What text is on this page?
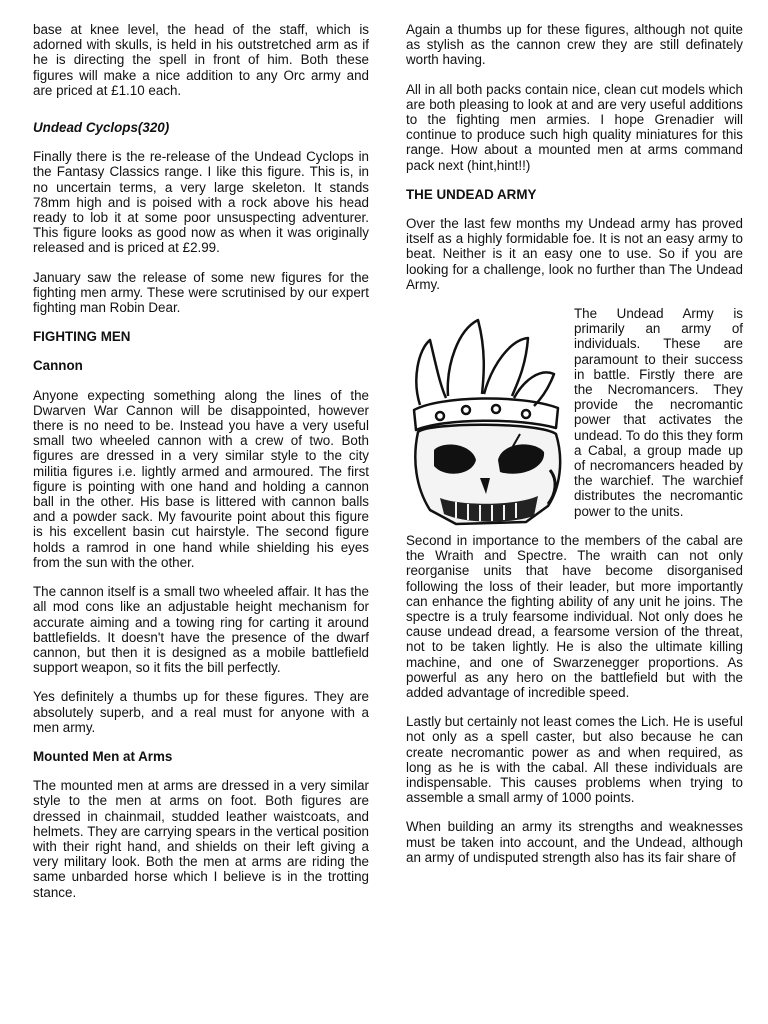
base at knee level, the head of the staff, which is adorned with skulls, is held in his outstretched arm as if he is directing the spell in front of him. Both these figures will make a nice addition to any Orc army and are priced at £1.10 each.

Undead Cyclops(320)

Finally there is the re-release of the Undead Cyclops in the Fantasy Classics range. I like this figure. This is, in no uncertain terms, a very large skeleton. It stands 78mm high and is poised with a rock above his head ready to lob it at some poor unsuspecting adventurer. This figure looks as good now as when it was originally released and is priced at £2.99.

January saw the release of some new figures for the fighting men army. These were scrutinised by our expert fighting man Robin Dear.

FIGHTING MEN
Cannon

Anyone expecting something along the lines of the Dwarven War Cannon will be disappointed, however there is no need to be. Instead you have a very useful small two wheeled cannon with a crew of two. Both figures are dressed in a very similar style to the city militia figures i.e. lightly armed and armoured. The first figure is pointing with one hand and holding a cannon ball in the other. His base is littered with cannon balls and a powder sack. My favourite point about this figure is his excellent basin cut hairstyle. The second figure holds a ramrod in one hand while shielding his eyes from the sun with the other.

The cannon itself is a small two wheeled affair. It has the all mod cons like an adjustable height mechanism for accurate aiming and a towing ring for carting it around battlefields. It doesn't have the presence of the dwarf cannon, but then it is designed as a mobile battlefield support weapon, so it fits the bill perfectly.

Yes definitely a thumbs up for these figures. They are absolutely superb, and a real must for anyone with a men army.

Mounted Men at Arms

The mounted men at arms are dressed in a very similar style to the men at arms on foot. Both figures are dressed in chainmail, studded leather waistcoats, and helmets. They are carrying spears in the vertical position with their right hand, and shields on their left giving a very military look. Both the men at arms are riding the same unbarded horse which I believe is in the trotting stance.

Again a thumbs up for these figures, although not quite as stylish as the cannon crew they are still definately worth having.

All in all both packs contain nice, clean cut models which are both pleasing to look at and are very useful additions to the fighting men armies. I hope Grenadier will continue to produce such high quality miniatures for this range. How about a mounted men at arms command pack next (hint,hint!!)

THE UNDEAD ARMY

Over the last few months my Undead army has proved itself as a highly formidable foe. It is not an easy army to beat. Neither is it an easy one to use. So if you are looking for a challenge, look no further than The Undead Army.

The Undead Army is primarily an army of individuals. These are paramount to their success in battle. Firstly there are the Necromancers. They provide the necromantic power that activates the undead. To do this they form a Cabal, a group made up of necromancers headed by the warchief. The warchief distributes the necromantic power to the units.

Second in importance to the members of the cabal are the Wraith and Spectre. The wraith can not only reorganise units that have become disorganised following the loss of their leader, but more importantly can enhance the fighting ability of any unit he joins. The spectre is a truly fearsome individual. Not only does he cause undead dread, a fearsome version of the threat, not to be taken lightly. He is also the ultimate killing machine, and one of Swarzenegger proportions. As powerful as any hero on the battlefield but with the added advantage of incredible speed.

Lastly but certainly not least comes the Lich. He is useful not only as a spell caster, but also because he can create necromantic power as and when required, as long as he is with the cabal. All these individuals are indispensable. This causes problems when trying to assemble a small army of 1000 points.

When building an army its strengths and weaknesses must be taken into account, and the Undead, although an army of undisputed strength also has its fair share of
